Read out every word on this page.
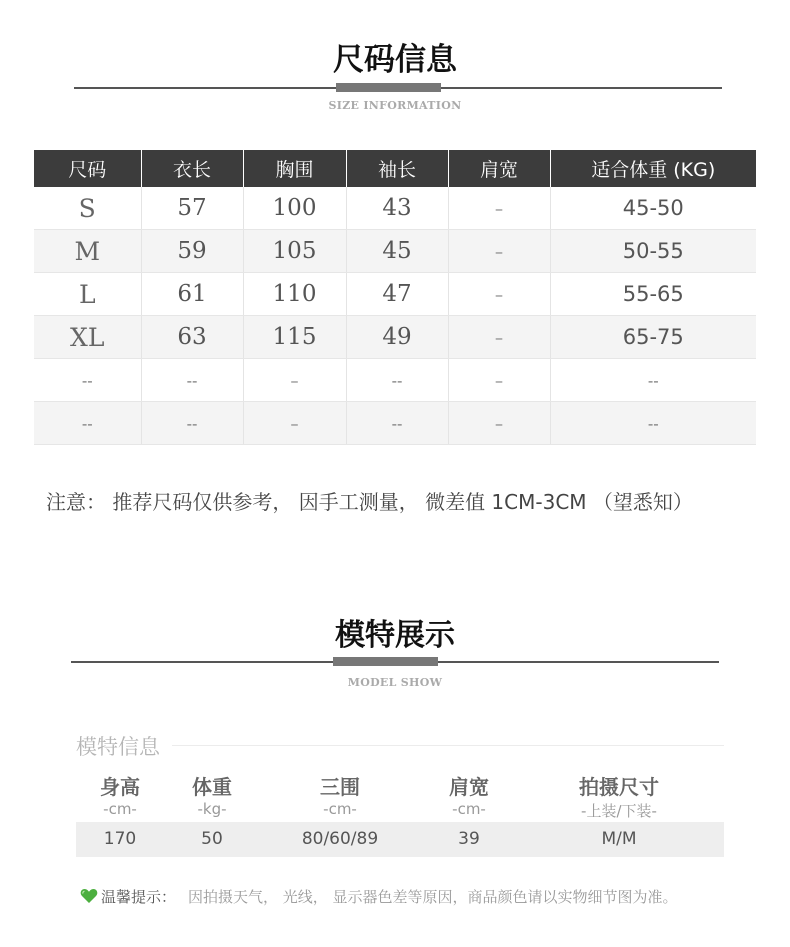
尺码信息
SIZE INFORMATION
尺码	衣长	胸围	袖长	肩宽	适合体重 (KG)
S	57	100	43	–	45-50
M	59	105	45	–	50-55
L	61	110	47	–	55-65
XL	63	115	49	–	65-75
--	--	–	--	–	--
--	--	–	--	–	--
注意： 推荐尺码仅供参考， 因手工测量， 微差值 1CM-3CM （望悉知）
模特展示
MODEL SHOW
模特信息
身高	体重	三围	肩宽	拍摄尺寸
-cm-	-kg-	-cm-	-cm-	-上装/下装-
170	50	80/60/89	39	M/M
温馨提示： 因拍摄天气， 光线， 显示器色差等原因，商品颜色请以实物细节图为准。
